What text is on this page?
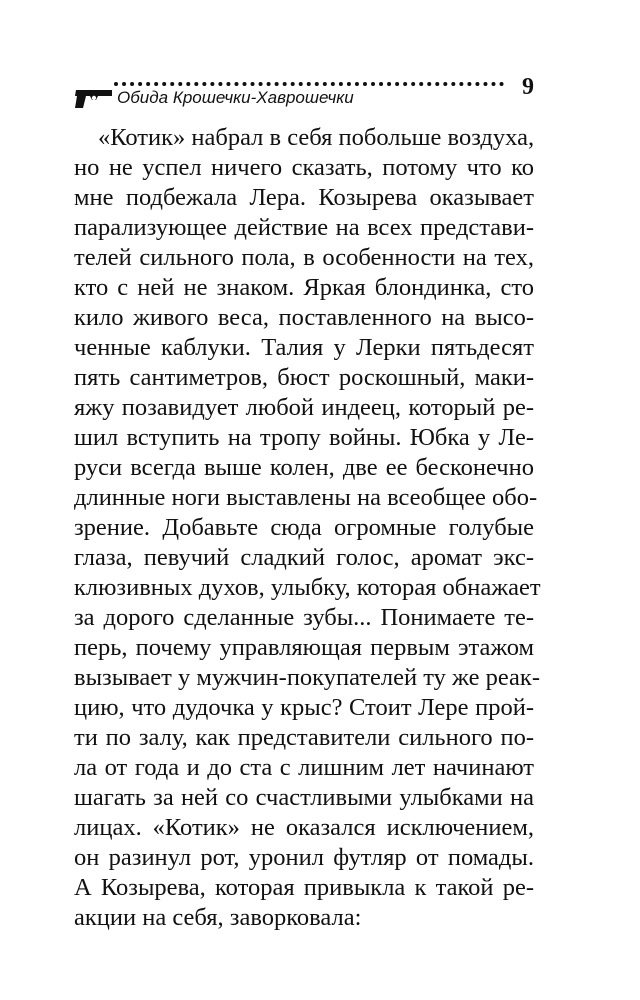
Обида Крошечки-Хаврошечки	9
«Котик» набрал в себя побольше воздуха,
но не успел ничего сказать, потому что ко
мне подбежала Лера. Козырева оказывает
парализующее действие на всех представи-
телей сильного пола, в особенности на тех,
кто с ней не знаком. Яркая блондинка, сто
кило живого веса, поставленного на высо-
ченные каблуки. Талия у Лерки пятьдесят
пять сантиметров, бюст роскошный, маки-
яжу позавидует любой индеец, который ре-
шил вступить на тропу войны. Юбка у Ле-
руси всегда выше колен, две ее бесконечно
длинные ноги выставлены на всеобщее обо-
зрение. Добавьте сюда огромные голубые
глаза, певучий сладкий голос, аромат экс-
клюзивных духов, улыбку, которая обнажает
за дорого сделанные зубы... Понимаете те-
перь, почему управляющая первым этажом
вызывает у мужчин-покупателей ту же реак-
цию, что дудочка у крыс? Стоит Лере прой-
ти по залу, как представители сильного по-
ла от года и до ста с лишним лет начинают
шагать за ней со счастливыми улыбками на
лицах. «Котик» не оказался исключением,
он разинул рот, уронил футляр от помады.
А Козырева, которая привыкла к такой ре-
акции на себя, заворковала:
